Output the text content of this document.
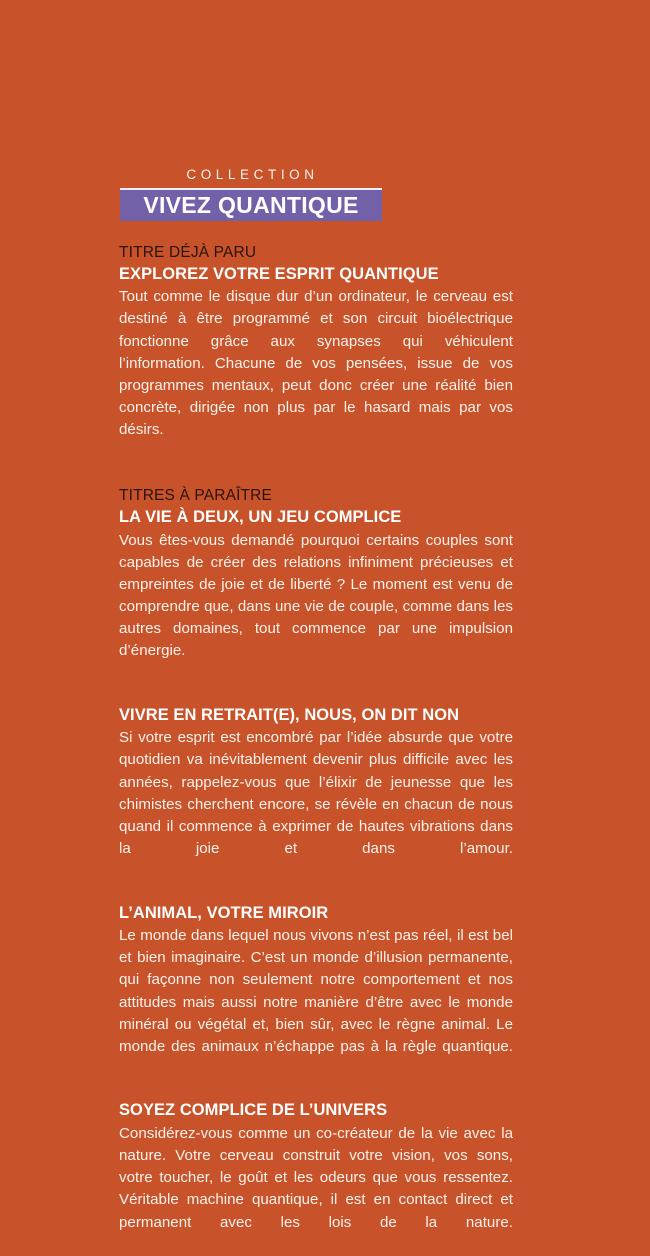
COLLECTION
VIVEZ QUANTIQUE
TITRE DÉJÀ PARU
EXPLOREZ VOTRE ESPRIT QUANTIQUE
Tout comme le disque dur d’un ordinateur, le cerveau est destiné à être programmé et son circuit bioélectrique fonctionne grâce aux synapses qui véhiculent l’information. Chacune de vos pensées, issue de vos programmes mentaux, peut donc créer une réalité bien concrète, dirigée non plus par le hasard mais par vos désirs.
TITRES À PARAÎTRE
LA VIE À DEUX, UN JEU COMPLICE
Vous êtes-vous demandé pourquoi certains couples sont capables de créer des relations infiniment précieuses et empreintes de joie et de liberté ? Le moment est venu de comprendre que, dans une vie de couple, comme dans les autres domaines, tout commence par une impulsion d’énergie.
VIVRE EN RETRAIT(E), NOUS, ON DIT NON
Si votre esprit est encombré par l’idée absurde que votre quotidien va inévitablement devenir plus difficile avec les années, rappelez-vous que l’élixir de jeunesse que les chimistes cherchent encore, se révèle en chacun de nous quand il commence à exprimer de hautes vibrations dans la joie et dans l’amour.
L’ANIMAL, VOTRE MIROIR
Le monde dans lequel nous vivons n’est pas réel, il est bel et bien imaginaire. C’est un monde d’illusion permanente, qui façonne non seulement notre comportement et nos attitudes mais aussi notre manière d’être avec le monde minéral ou végétal et, bien sûr, avec le règne animal. Le monde des animaux n’échappe pas à la règle quantique.
SOYEZ COMPLICE DE L’UNIVERS
Considérez-vous comme un co-créateur de la vie avec la nature. Votre cerveau construit votre vision, vos sons, votre toucher, le goût et les odeurs que vous ressentez. Véritable machine quantique, il est en contact direct et permanent avec les lois de la nature.
